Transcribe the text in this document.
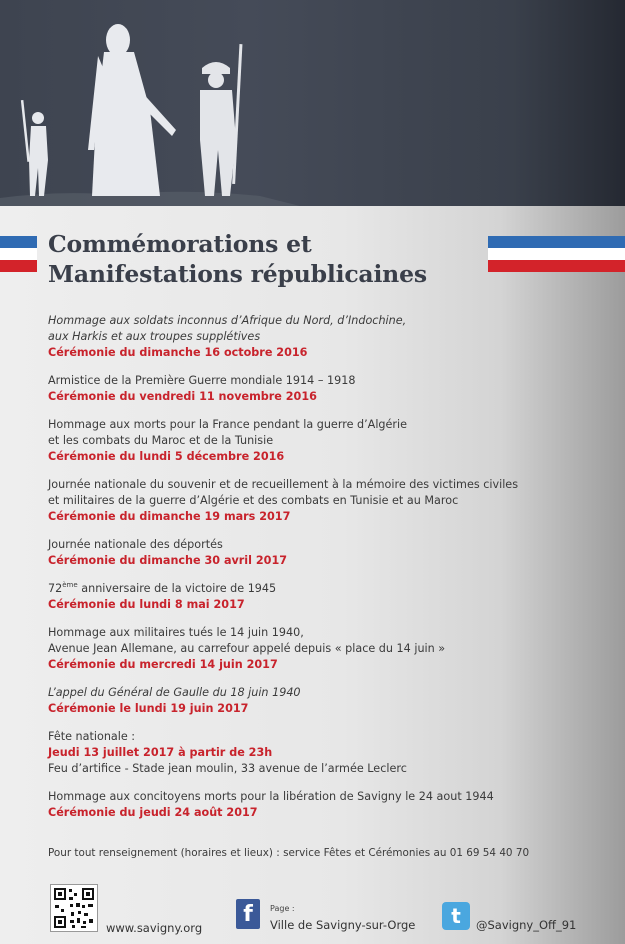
Commémorations et
Manifestations républicaines
Hommage aux soldats inconnus d’Afrique du Nord, d’Indochine,
aux Harkis et aux troupes supplétives
Cérémonie du dimanche 16 octobre 2016
Armistice de la Première Guerre mondiale 1914 – 1918
Cérémonie du vendredi 11 novembre 2016
Hommage aux morts pour la France pendant la guerre d’Algérie
et les combats du Maroc et de la Tunisie
Cérémonie du lundi 5 décembre 2016
Journée nationale du souvenir et de recueillement à la mémoire des victimes civiles
et militaires de la guerre d’Algérie et des combats en Tunisie et au Maroc
Cérémonie du dimanche 19 mars 2017
Journée nationale des déportés
Cérémonie du dimanche 30 avril 2017
72ème anniversaire de la victoire de 1945
Cérémonie du lundi 8 mai 2017
Hommage aux militaires tués le 14 juin 1940,
Avenue Jean Allemane, au carrefour appelé depuis « place du 14 juin »
Cérémonie du mercredi 14 juin 2017
L’appel du Général de Gaulle du 18 juin 1940
Cérémonie le lundi 19 juin 2017
Fête nationale :
Jeudi 13 juillet 2017 à partir de 23h
Feu d’artifice - Stade jean moulin, 33 avenue de l’armée Leclerc
Hommage aux concitoyens morts pour la libération de Savigny le 24 aout 1944
Cérémonie du jeudi 24 août 2017
Pour tout renseignement (horaires et lieux) : service Fêtes et Cérémonies au 01 69 54 40 70
www.savigny.org
f	Page :
Ville de Savigny-sur-Orge	t	@Savigny_Off_91
